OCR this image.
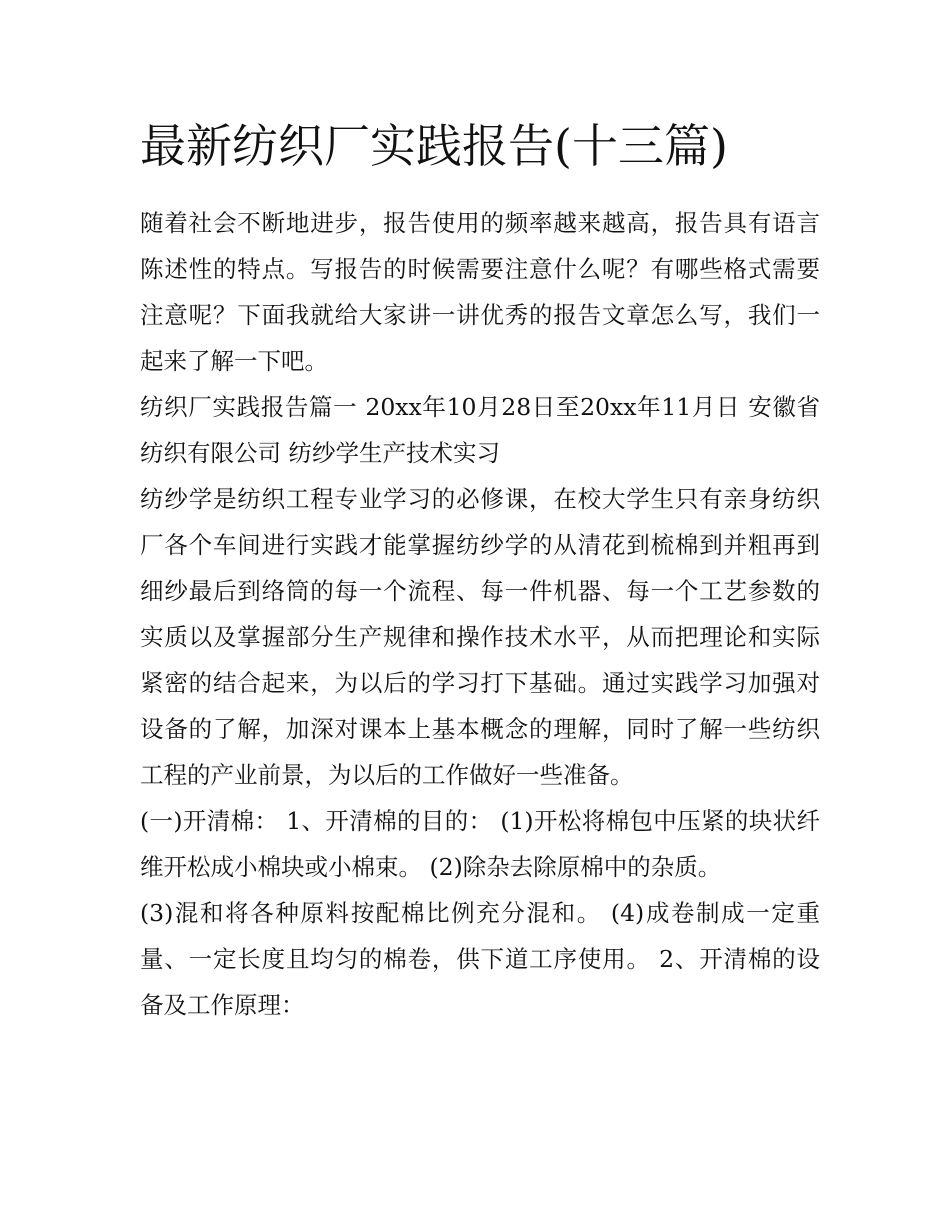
最新纺织厂实践报告(十三篇)

随着社会不断地进步，报告使用的频率越来越高，报告具有语言陈述性的特点。写报告的时候需要注意什么呢？有哪些格式需要注意呢？下面我就给大家讲一讲优秀的报告文章怎么写，我们一起来了解一下吧。

纺织厂实践报告篇一 20xx年10月28日至20xx年11月日 安徽省纺织有限公司 纺纱学生产技术实习

纺纱学是纺织工程专业学习的必修课，在校大学生只有亲身纺织厂各个车间进行实践才能掌握纺纱学的从清花到梳棉到并粗再到细纱最后到络筒的每一个流程、每一件机器、每一个工艺参数的实质以及掌握部分生产规律和操作技术水平，从而把理论和实际紧密的结合起来，为以后的学习打下基础。通过实践学习加强对设备的了解，加深对课本上基本概念的理解，同时了解一些纺织工程的产业前景，为以后的工作做好一些准备。

(一)开清棉： 1、开清棉的目的： (1)开松将棉包中压紧的块状纤维开松成小棉块或小棉束。 (2)除杂去除原棉中的杂质。

(3)混和将各种原料按配棉比例充分混和。 (4)成卷制成一定重量、一定长度且均匀的棉卷，供下道工序使用。 2、开清棉的设备及工作原理：
